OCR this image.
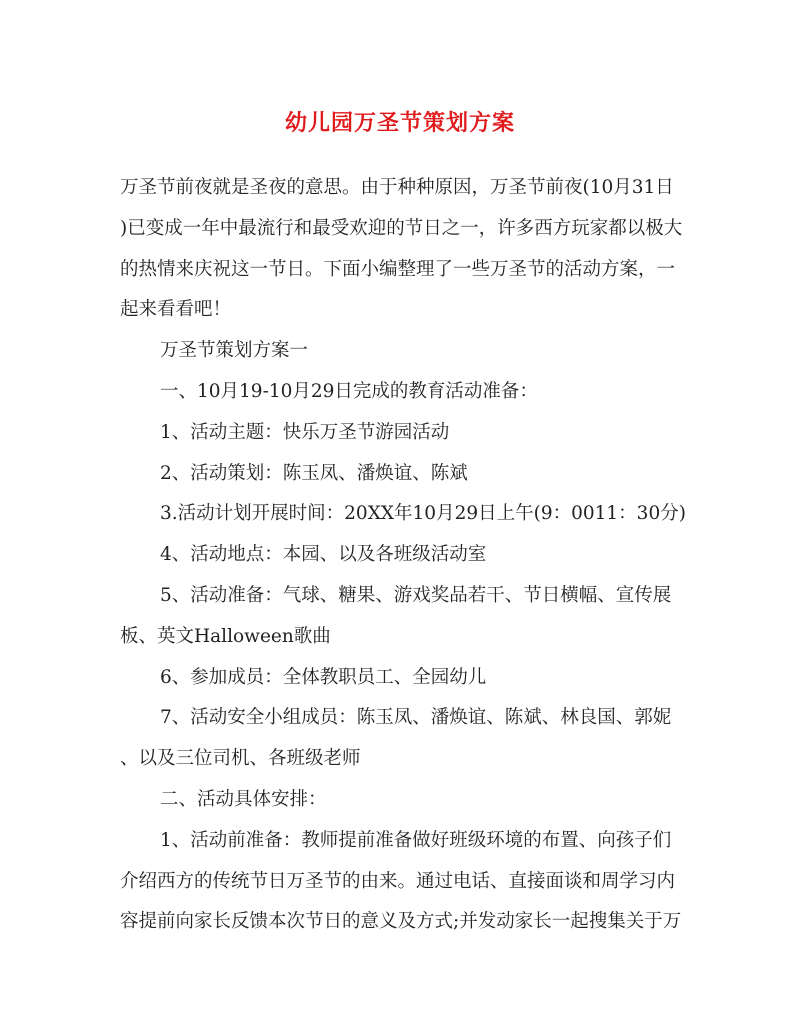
幼儿园万圣节策划方案
万圣节前夜就是圣夜的意思。由于种种原因，万圣节前夜(10月31日
)已变成一年中最流行和最受欢迎的节日之一，许多西方玩家都以极大
的热情来庆祝这一节日。下面小编整理了一些万圣节的活动方案，一
起来看看吧！
万圣节策划方案一
一、10月19-10月29日完成的教育活动准备：
1、活动主题：快乐万圣节游园活动
2、活动策划：陈玉凤、潘焕谊、陈斌
3.活动计划开展时间：20XX年10月29日上午(9：0011：30分)
4、活动地点：本园、以及各班级活动室
5、活动准备：气球、糖果、游戏奖品若干、节日横幅、宣传展
板、英文Halloween歌曲
6、参加成员：全体教职员工、全园幼儿
7、活动安全小组成员：陈玉凤、潘焕谊、陈斌、林良国、郭妮
、以及三位司机、各班级老师
二、活动具体安排：
1、活动前准备：教师提前准备做好班级环境的布置、向孩子们
介绍西方的传统节日万圣节的由来。通过电话、直接面谈和周学习内
容提前向家长反馈本次节日的意义及方式;并发动家长一起搜集关于万
